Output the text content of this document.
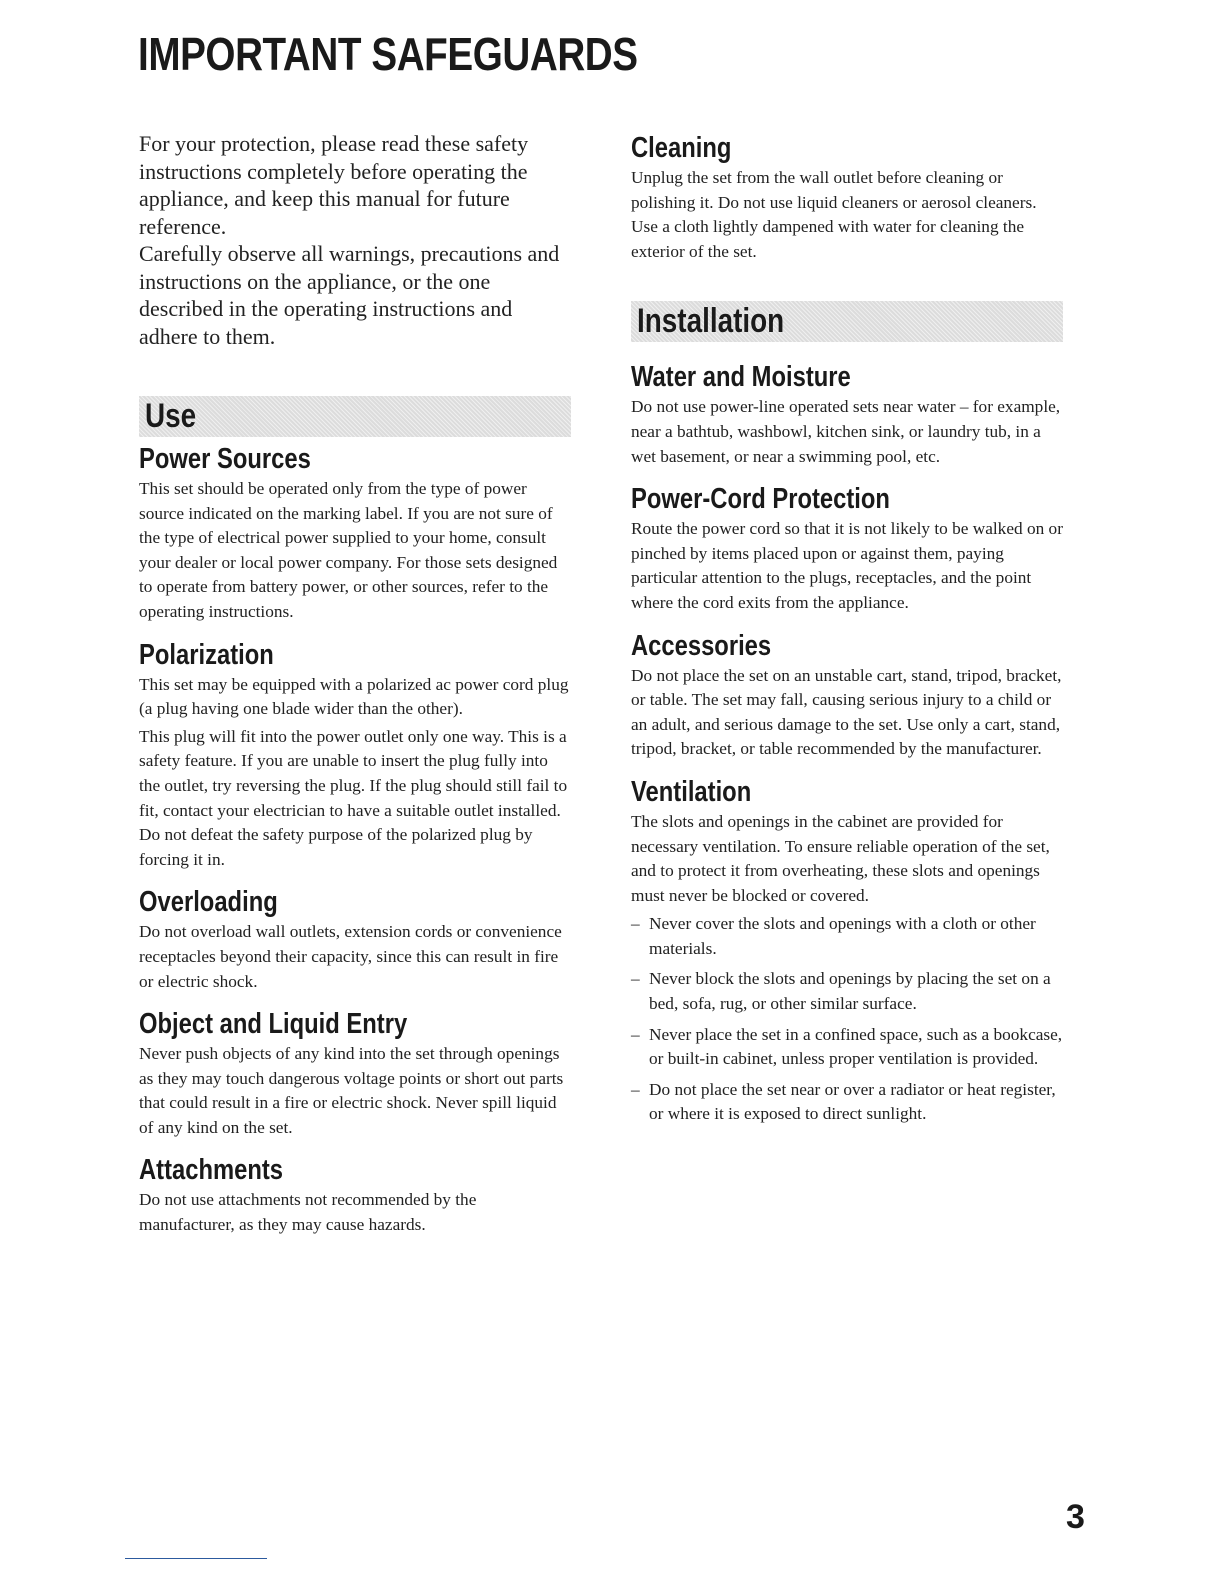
IMPORTANT SAFEGUARDS

For your protection, please read these safety instructions completely before operating the appliance, and keep this manual for future reference.

Carefully observe all warnings, precautions and instructions on the appliance, or the one described in the operating instructions and adhere to them.

Use
Power Sources

This set should be operated only from the type of power source indicated on the marking label. If you are not sure of the type of electrical power supplied to your home, consult your dealer or local power company. For those sets designed to operate from battery power, or other sources, refer to the operating instructions.

Polarization

This set may be equipped with a polarized ac power cord plug (a plug having one blade wider than the other).

This plug will fit into the power outlet only one way. This is a safety feature. If you are unable to insert the plug fully into the outlet, try reversing the plug. If the plug should still fail to fit, contact your electrician to have a suitable outlet installed. Do not defeat the safety purpose of the polarized plug by forcing it in.

Overloading

Do not overload wall outlets, extension cords or convenience receptacles beyond their capacity, since this can result in fire or electric shock.

Object and Liquid Entry

Never push objects of any kind into the set through openings as they may touch dangerous voltage points or short out parts that could result in a fire or electric shock. Never spill liquid of any kind on the set.

Attachments

Do not use attachments not recommended by the manufacturer, as they may cause hazards.

Cleaning

Unplug the set from the wall outlet before cleaning or polishing it. Do not use liquid cleaners or aerosol cleaners. Use a cloth lightly dampened with water for cleaning the exterior of the set.

Installation
Water and Moisture

Do not use power-line operated sets near water – for example, near a bathtub, washbowl, kitchen sink, or laundry tub, in a wet basement, or near a swimming pool, etc.

Power-Cord Protection

Route the power cord so that it is not likely to be walked on or pinched by items placed upon or against them, paying particular attention to the plugs, receptacles, and the point where the cord exits from the appliance.

Accessories

Do not place the set on an unstable cart, stand, tripod, bracket, or table. The set may fall, causing serious injury to a child or an adult, and serious damage to the set. Use only a cart, stand, tripod, bracket, or table recommended by the manufacturer.

Ventilation

The slots and openings in the cabinet are provided for necessary ventilation. To ensure reliable operation of the set, and to protect it from overheating, these slots and openings must never be blocked or covered.

– Never cover the slots and openings with a cloth or other materials.
– Never block the slots and openings by placing the set on a bed, sofa, rug, or other similar surface.
– Never place the set in a confined space, such as a bookcase, or built-in cabinet, unless proper ventilation is provided.
– Do not place the set near or over a radiator or heat register, or where it is exposed to direct sunlight.
3
